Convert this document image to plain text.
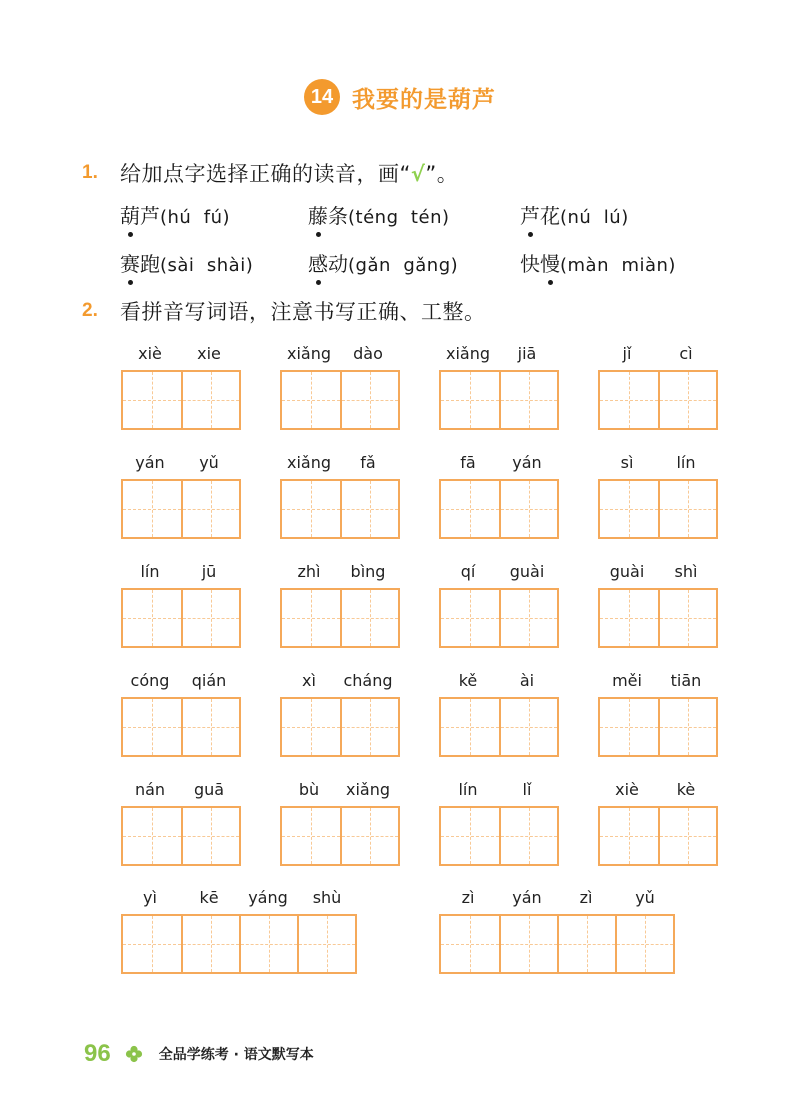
14 我要的是葫芦
1.	给加点字选择正确的读音，画“√”。
葫 芦 (hú  fú)	藤 条 (téng  tén)	芦 花 (nú  lú)
赛 跑 (sài  shài)	感 动 (gǎn  gǎng)	快 慢 (màn  miàn)
2.	看拼音写词语，注意书写正确、工整。
xiè	xie	xiǎng	dào	xiǎng	jiā	jǐ	cì
yán	yǔ	xiǎng	fǎ	fā	yán	sì	lín
lín	jū	zhì	bìng	qí	guài	guài	shì
cóng	qián	xì	cháng	kě	ài	měi	tiān
nán	guā	bù	xiǎng	lín	lǐ	xiè	kè
yì	kē	yáng	shù	zì	yán	zì	yǔ
96	全品学练考 · 语文默写本
